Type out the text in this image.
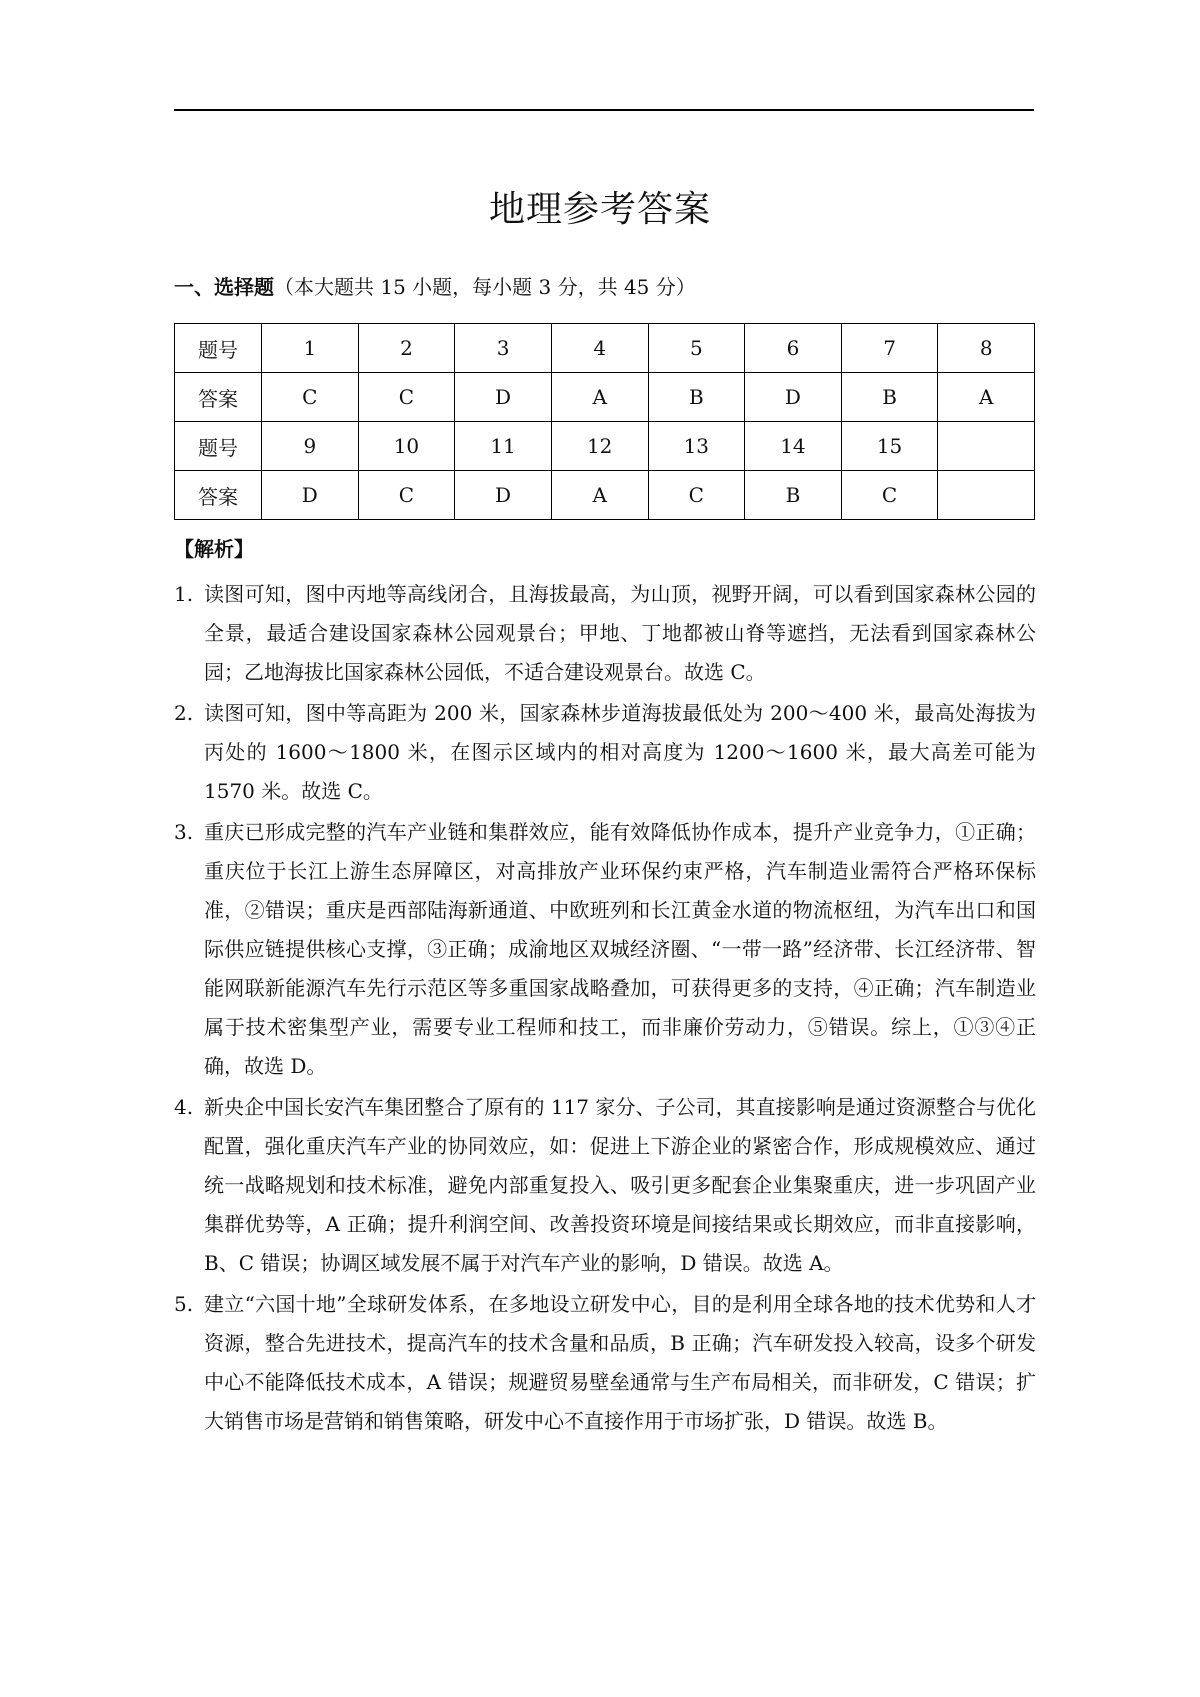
地理参考答案
一、选择题（本大题共 15 小题，每小题 3 分，共 45 分）
题号	1	2	3	4	5	6	7	8
答案	C	C	D	A	B	D	B	A
题号	9	10	11	12	13	14	15	
答案	D	C	D	A	C	B	C	
【解析】
1. 读图可知，图中丙地等高线闭合，且海拔最高，为山顶，视野开阔，可以看到国家森林公园的全景，最适合建设国家森林公园观景台；甲地、丁地都被山脊等遮挡，无法看到国家森林公园；乙地海拔比国家森林公园低，不适合建设观景台。故选 C。
2. 读图可知，图中等高距为 200 米，国家森林步道海拔最低处为 200～400 米，最高处海拔为丙处的 1600～1800 米，在图示区域内的相对高度为 1200～1600 米，最大高差可能为 1570 米。故选 C。
3. 重庆已形成完整的汽车产业链和集群效应，能有效降低协作成本，提升产业竞争力，①正确；重庆位于长江上游生态屏障区，对高排放产业环保约束严格，汽车制造业需符合严格环保标准，②错误；重庆是西部陆海新通道、中欧班列和长江黄金水道的物流枢纽，为汽车出口和国际供应链提供核心支撑，③正确；成渝地区双城经济圈、“一带一路”经济带、长江经济带、智能网联新能源汽车先行示范区等多重国家战略叠加，可获得更多的支持，④正确；汽车制造业属于技术密集型产业，需要专业工程师和技工，而非廉价劳动力，⑤错误。综上，①③④正确，故选 D。
4. 新央企中国长安汽车集团整合了原有的 117 家分、子公司，其直接影响是通过资源整合与优化配置，强化重庆汽车产业的协同效应，如：促进上下游企业的紧密合作，形成规模效应、通过统一战略规划和技术标准，避免内部重复投入、吸引更多配套企业集聚重庆，进一步巩固产业集群优势等，A 正确；提升利润空间、改善投资环境是间接结果或长期效应，而非直接影响，B、C 错误；协调区域发展不属于对汽车产业的影响，D 错误。故选 A。
5. 建立“六国十地”全球研发体系，在多地设立研发中心，目的是利用全球各地的技术优势和人才资源，整合先进技术，提高汽车的技术含量和品质，B 正确；汽车研发投入较高，设多个研发中心不能降低技术成本，A 错误；规避贸易壁垒通常与生产布局相关，而非研发，C 错误；扩大销售市场是营销和销售策略，研发中心不直接作用于市场扩张，D 错误。故选 B。
